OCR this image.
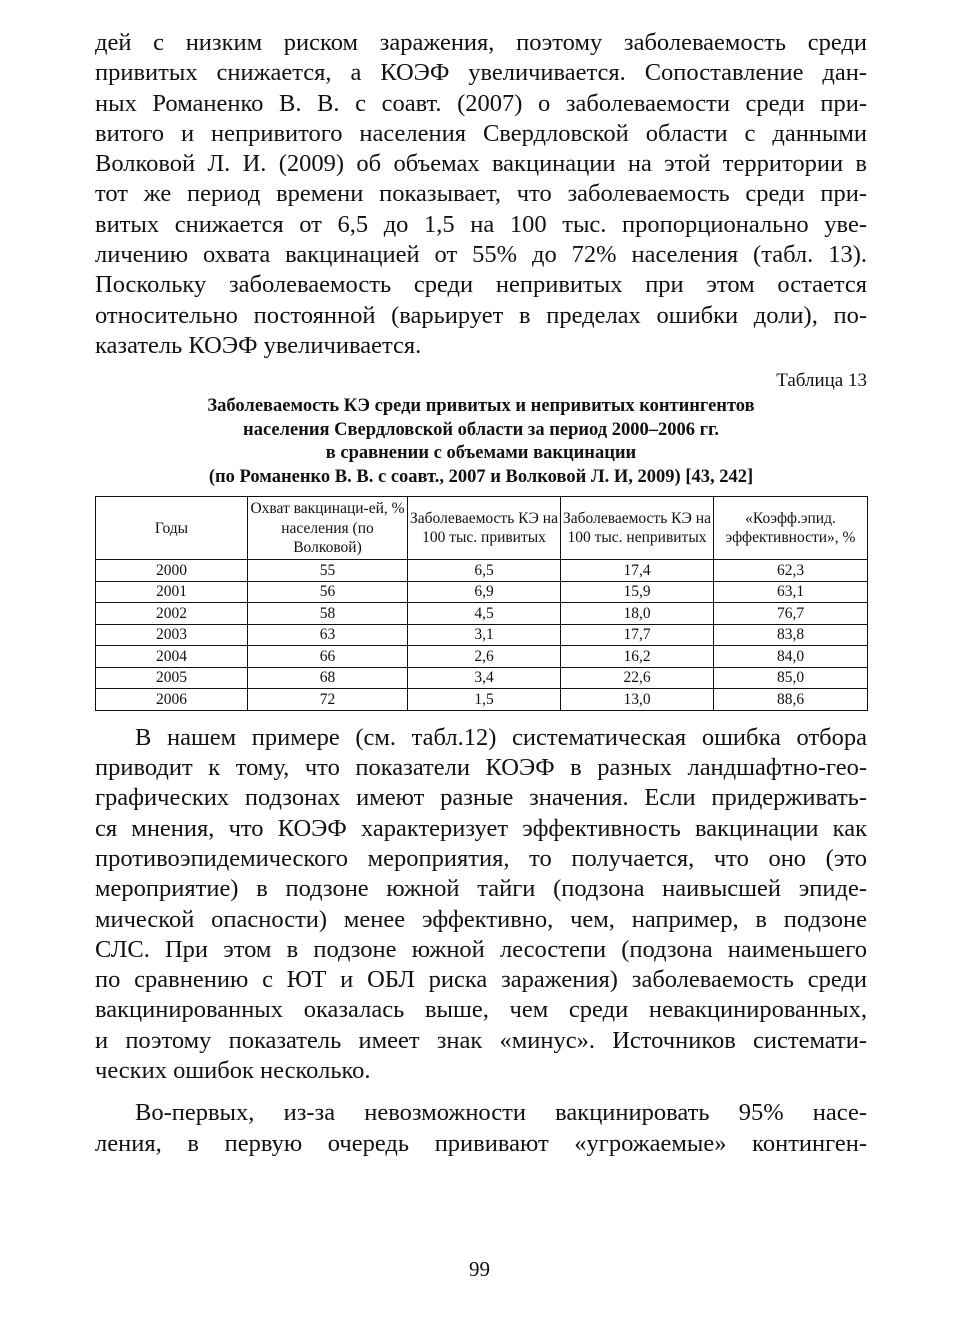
дей с низким риском заражения, поэтому заболеваемость среди
привитых снижается, а КОЭФ увеличивается. Сопоставление дан-
ных Романенко В. В. с соавт. (2007) о заболеваемости среди при-
витого и непривитого населения Свердловской области с данными
Волковой Л. И. (2009) об объемах вакцинации на этой территории в
тот же период времени показывает, что заболеваемость среди при-
витых снижается от 6,5 до 1,5 на 100 тыс. пропорционально уве-
личению охвата вакцинацией от 55% до 72% населения (табл. 13).
Поскольку заболеваемость среди непривитых при этом остается
относительно постоянной (варьирует в пределах ошибки доли), по-
казатель КОЭФ увеличивается.
Таблица 13
Заболеваемость КЭ среди привитых и непривитых контингентов
населения Свердловской области за период 2000–2006 гг.
в сравнении с объемами вакцинации
(по Романенко В. В. с соавт., 2007 и Волковой Л. И, 2009) [43, 242]
Годы	Охват вакцинаци-ей, % населения (по Волковой)	Заболеваемость КЭ на 100 тыс. привитых	Заболеваемость КЭ на 100 тыс. непривитых	«Коэфф.эпид. эффективности», %
2000	55	6,5	17,4	62,3
2001	56	6,9	15,9	63,1
2002	58	4,5	18,0	76,7
2003	63	3,1	17,7	83,8
2004	66	2,6	16,2	84,0
2005	68	3,4	22,6	85,0
2006	72	1,5	13,0	88,6
В нашем примере (см. табл.12) систематическая ошибка отбора
приводит к тому, что показатели КОЭФ в разных ландшафтно-гео-
графических подзонах имеют разные значения. Если придерживать-
ся мнения, что КОЭФ характеризует эффективность вакцинации как
противоэпидемического мероприятия, то получается, что оно (это
мероприятие) в подзоне южной тайги (подзона наивысшей эпиде-
мической опасности) менее эффективно, чем, например, в подзоне
СЛС. При этом в подзоне южной лесостепи (подзона наименьшего
по сравнению с ЮТ и ОБЛ риска заражения) заболеваемость среди
вакцинированных оказалась выше, чем среди невакцинированных,
и поэтому показатель имеет знак «минус». Источников системати-
ческих ошибок несколько.
Во-первых, из-за невозможности вакцинировать 95% насе-
ления, в первую очередь прививают «угрожаемые» континген-
99
